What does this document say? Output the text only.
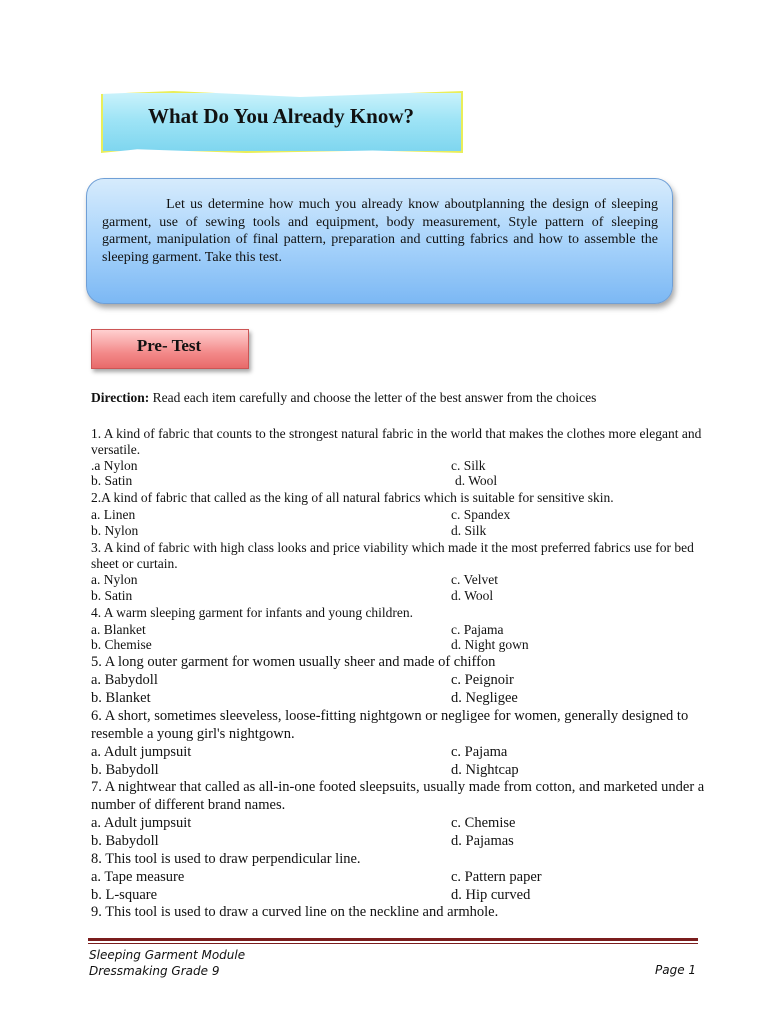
What Do You Already Know?
Let us determine how much you already know aboutplanning the design of sleeping garment, use of sewing tools and equipment, body measurement, Style pattern of sleeping garment, manipulation of final pattern, preparation and cutting fabrics and how to assemble the sleeping garment. Take this test.
Pre- Test
Direction: Read each item carefully and choose the letter of the best answer from the choices
1. A kind of fabric that counts to the strongest natural fabric in the world that makes the clothes more elegant and versatile.
.a Nylon	c. Silk
b. Satin	d. Wool
2.A kind of fabric that called as the king of all natural fabrics which is suitable for sensitive skin.
a. Linen	c. Spandex
b. Nylon	d. Silk
3. A kind of fabric with high class looks and price viability which made it the most preferred fabrics use for bed sheet or curtain.
a. Nylon	c. Velvet
b. Satin	d. Wool
4. A warm sleeping garment for infants and young children.
a. Blanket	c. Pajama
b. Chemise	d. Night gown
5. A long outer garment for women usually sheer and made of chiffon
a. Babydoll	c. Peignoir
b. Blanket	d. Negligee
6. A short, sometimes sleeveless, loose-fitting nightgown or negligee for women, generally designed to resemble a young girl's nightgown.
a. Adult jumpsuit	c. Pajama
b. Babydoll	d. Nightcap
7. A nightwear that called as all-in-one footed sleepsuits, usually made from cotton, and marketed under a number of different brand names.
a. Adult jumpsuit	c. Chemise
b. Babydoll	d. Pajamas
8. This tool is used to draw perpendicular line.
a. Tape measure	c. Pattern paper
b. L-square	d. Hip curved
9. This tool is used to draw a curved line on the neckline and armhole.
Sleeping Garment Module
Dressmaking Grade 9	Page 1
